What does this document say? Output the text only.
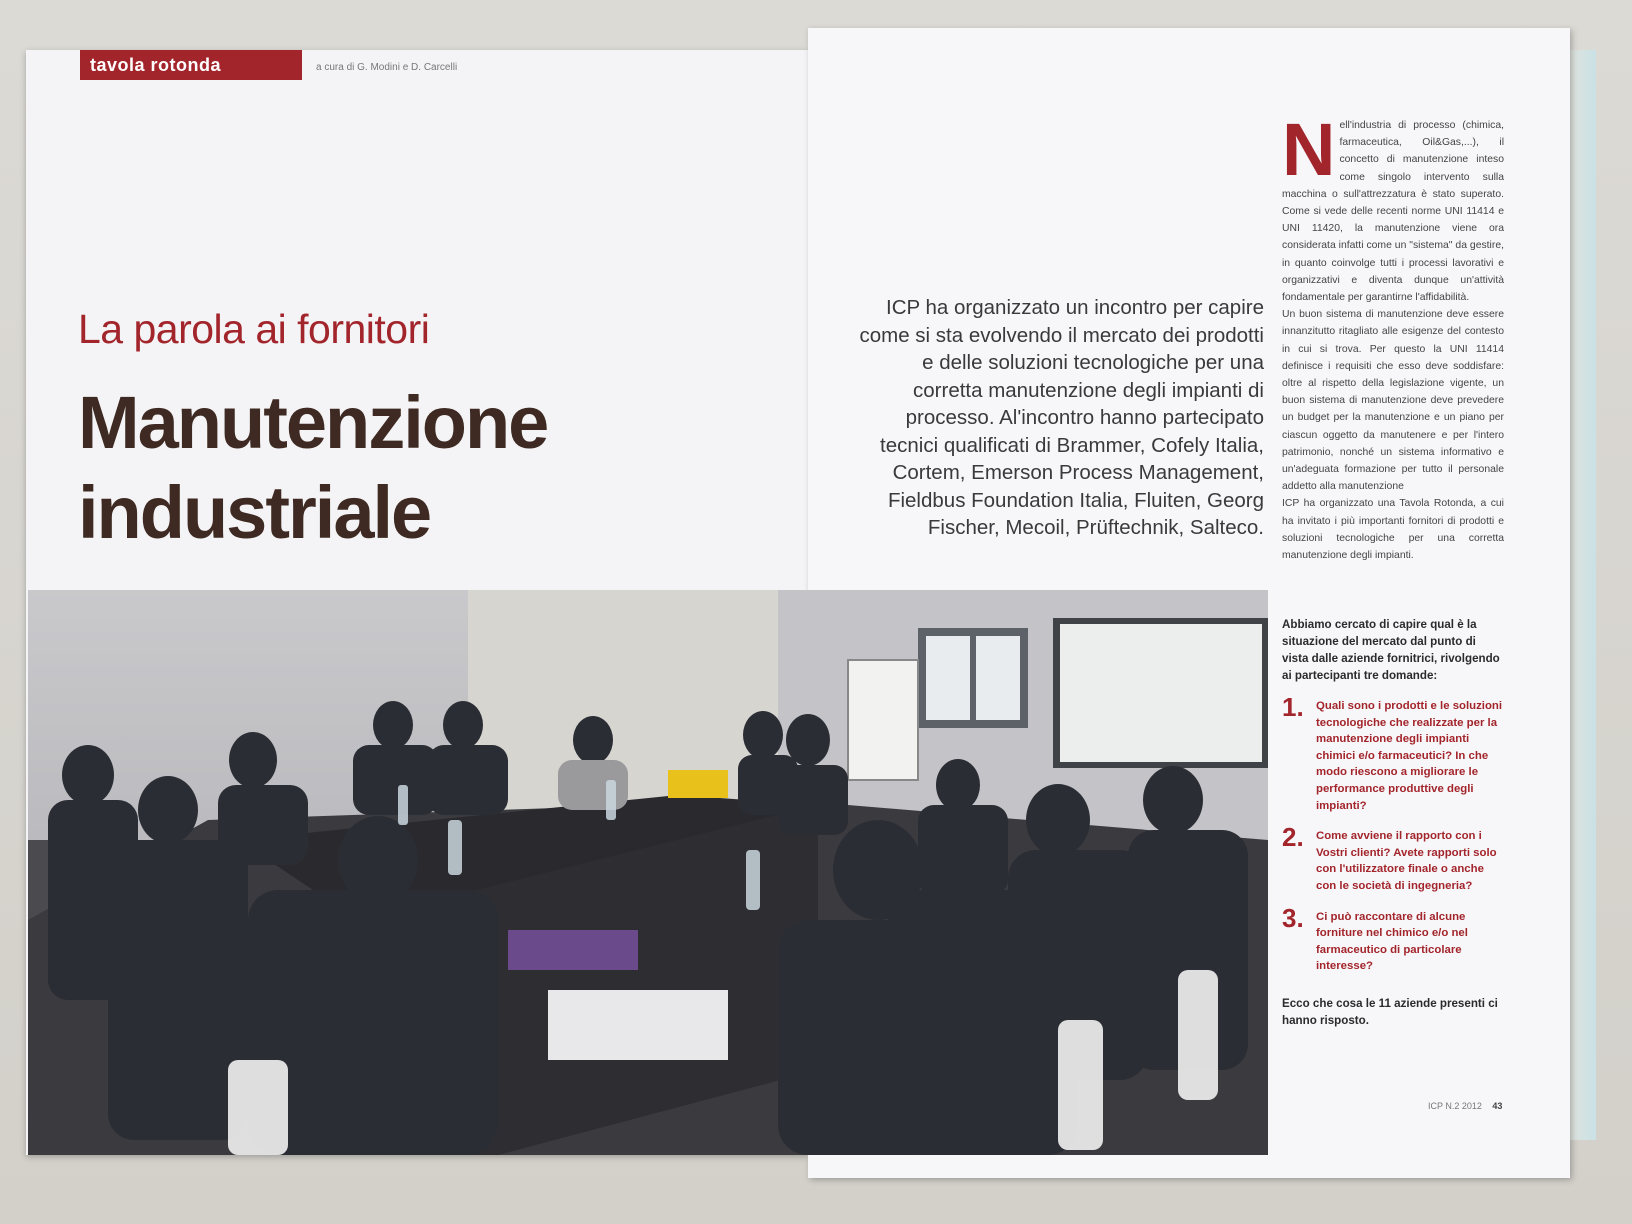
tavola rotonda	a cura di G. Modini e D. Carcelli
La parola ai fornitori
Manutenzione
industriale
ICP ha organizzato un incontro per capire come si sta evolvendo il mercato dei prodotti e delle soluzioni tecnologiche per una corretta manutenzione degli impianti di processo. Al'incontro hanno partecipato tecnici qualificati di Brammer, Cofely Italia, Cortem, Emerson Process Management, Fieldbus Foundation Italia, Fluiten, Georg Fischer, Mecoil, Prüftechnik, Salteco.
N ell'industria di processo (chimica, farmaceutica, Oil&Gas,...), il concetto di manutenzione inteso come singolo intervento sulla macchina o sull'attrezzatura è stato superato. Come si vede delle recenti norme UNI 11414 e UNI 11420, la manutenzione viene ora considerata infatti come un "sistema" da gestire, in quanto coinvolge tutti i processi lavorativi e organizzativi e diventa dunque un'attività fondamentale per garantirne l'affidabilità.
Un buon sistema di manutenzione deve essere innanzitutto ritagliato alle esigenze del contesto in cui si trova. Per questo la UNI 11414 definisce i requisiti che esso deve soddisfare: oltre al rispetto della legislazione vigente, un buon sistema di manutenzione deve prevedere un budget per la manutenzione e un piano per ciascun oggetto da manutenere e per l'intero patrimonio, nonché un sistema informativo e un'adeguata formazione per tutto il personale addetto alla manutenzione
ICP ha organizzato una Tavola Rotonda, a cui ha invitato i più importanti fornitori di prodotti e soluzioni tecnologiche per una corretta manutenzione degli impianti.
Abbiamo cercato di capire qual è la situazione del mercato dal punto di vista dalle aziende fornitrici, rivolgendo ai partecipanti tre domande:
1. Quali sono i prodotti e le soluzioni tecnologiche che realizzate per la manutenzione degli impianti chimici e/o farmaceutici? In che modo riescono a migliorare le performance produttive degli impianti?
2. Come avviene il rapporto con i Vostri clienti? Avete rapporti solo con l'utilizzatore finale o anche con le società di ingegneria?
3. Ci può raccontare di alcune forniture nel chimico e/o nel farmaceutico di particolare interesse?
Ecco che cosa le 11 aziende presenti ci hanno risposto.
ICP N.2 2012 43
